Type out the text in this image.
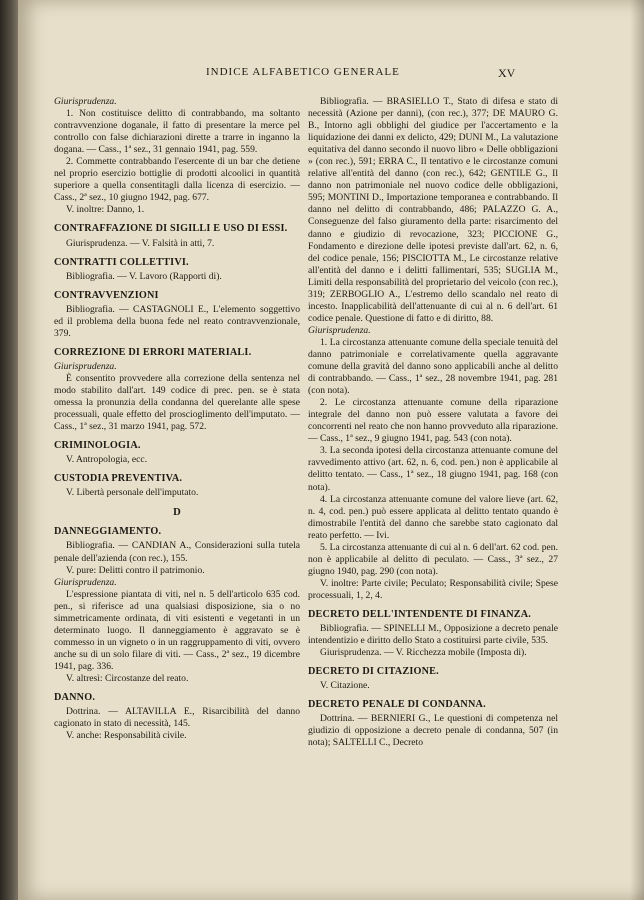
INDICE ALFABETICO GENERALE	XV

Giurisprudenza.

1. Non costituisce delitto di contrabbando, ma soltanto contravvenzione doganale, il fatto di presentare la merce pel controllo con false dichiarazioni dirette a trarre in inganno la dogana. — Cass., 1ª sez., 31 gennaio 1941, pag. 559.

2. Commette contrabbando l'esercente di un bar che detiene nel proprio esercizio bottiglie di prodotti alcoolici in quantità superiore a quella consentitagli dalla licenza di esercizio. — Cass., 2ª sez., 10 giugno 1942, pag. 677.

V. inoltre: Danno, 1.

CONTRAFFAZIONE DI SIGILLI E USO DI ESSI.

Giurisprudenza. — V. Falsità in atti, 7.

CONTRATTI COLLETTIVI.

Bibliografia. — V. Lavoro (Rapporti di).

CONTRAVVENZIONI

Bibliografia. — CASTAGNOLI E., L'elemento soggettivo ed il problema della buona fede nel reato contravvenzionale, 379.

CORREZIONE DI ERRORI MATERIALI.

Giurisprudenza.

È consentito provvedere alla correzione della sentenza nel modo stabilito dall'art. 149 codice di prec. pen. se è stata omessa la pronunzia della condanna del querelante alle spese processuali, quale effetto del proscioglimento dell'imputato. — Cass., 1ª sez., 31 marzo 1941, pag. 572.

CRIMINOLOGIA.

V. Antropologia, ecc.

CUSTODIA PREVENTIVA.

V. Libertà personale dell'imputato.

D

DANNEGGIAMENTO.

Bibliografia. — CANDIAN A., Considerazioni sulla tutela penale dell'azienda (con rec.), 155.

V. pure: Delitti contro il patrimonio.

Giurisprudenza.

L'espressione piantata di viti, nel n. 5 dell'articolo 635 cod. pen., si riferisce ad una qualsiasi disposizione, sia o no simmetricamente ordinata, di viti esistenti e vegetanti in un determinato luogo. Il danneggiamento è aggravato se è commesso in un vigneto o in un raggruppamento di viti, ovvero anche su di un solo filare di viti. — Cass., 2ª sez., 19 dicembre 1941, pag. 336.

V. altresì: Circostanze del reato.

DANNO.

Dottrina. — ALTAVILLA E., Risarcibilità del danno cagionato in stato di necessità, 145.

V. anche: Responsabilità civile.

Bibliografia. — BRASIELLO T., Stato di difesa e stato di necessità (Azione per danni), (con rec.), 377; DE MAURO G. B., Intorno agli obblighi del giudice per l'accertamento e la liquidazione dei danni ex delicto, 429; DUNI M., La valutazione equitativa del danno secondo il nuovo libro « Delle obbligazioni » (con rec.), 591; ERRA C., Il tentativo e le circostanze comuni relative all'entità del danno (con rec.), 642; GENTILE G., Il danno non patrimoniale nel nuovo codice delle obbligazioni, 595; MONTINI D., Importazione temporanea e contrabbando. Il danno nel delitto di contrabbando, 486; PALAZZO G. A., Conseguenze del falso giuramento della parte: risarcimento del danno e giudizio di revocazione, 323; PICCIONE G., Fondamento e direzione delle ipotesi previste dall'art. 62, n. 6, del codice penale, 156; PISCIOTTA M., Le circostanze relative all'entità del danno e i delitti fallimentari, 535; SUGLIA M., Limiti della responsabilità del proprietario del veicolo (con rec.), 319; ZERBOGLIO A., L'estremo dello scandalo nel reato di incesto. Inapplicabilità dell'attenuante di cui al n. 6 dell'art. 61 codice penale. Questione di fatto e di diritto, 88.

Giurisprudenza.

1. La circostanza attenuante comune della speciale tenuità del danno patrimoniale e correlativamente quella aggravante comune della gravità del danno sono applicabili anche al delitto di contrabbando. — Cass., 1ª sez., 28 novembre 1941, pag. 281 (con nota).

2. Le circostanza attenuante comune della riparazione integrale del danno non può essere valutata a favore dei concorrenti nel reato che non hanno provveduto alla riparazione. — Cass., 1ª sez., 9 giugno 1941, pag. 543 (con nota).

3. La seconda ipotesi della circostanza attenuante comune del ravvedimento attivo (art. 62, n. 6, cod. pen.) non è applicabile al delitto tentato. — Cass., 1ª sez., 18 giugno 1941, pag. 168 (con nota).

4. La circostanza attenuante comune del valore lieve (art. 62, n. 4, cod. pen.) può essere applicata al delitto tentato quando è dimostrabile l'entità del danno che sarebbe stato cagionato dal reato perfetto. — Ivi.

5. La circostanza attenuante di cui al n. 6 dell'art. 62 cod. pen. non è applicabile al delitto di peculato. — Cass., 3ª sez., 27 giugno 1940, pag. 290 (con nota).

V. inoltre: Parte civile; Peculato; Responsabilità civile; Spese processuali, 1, 2, 4.

DECRETO DELL'INTENDENTE DI FINANZA.

Bibliografia. — SPINELLI M., Opposizione a decreto penale intendentizio e diritto dello Stato a costituirsi parte civile, 535.

Giurisprudenza. — V. Ricchezza mobile (Imposta di).

DECRETO DI CITAZIONE.

V. Citazione.

DECRETO PENALE DI CONDANNA.

Dottrina. — BERNIERI G., Le questioni di competenza nel giudizio di opposizione a decreto penale di condanna, 507 (in nota); SALTELLI C., Decreto
